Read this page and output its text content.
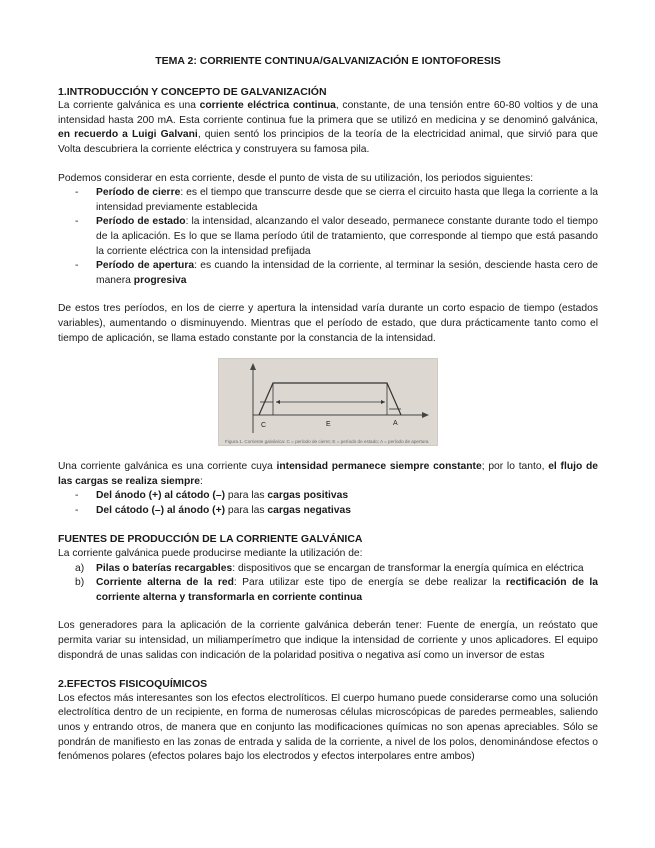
TEMA 2: CORRIENTE CONTINUA/GALVANIZACIÓN E IONTOFORESIS
1.INTRODUCCIÓN Y CONCEPTO DE GALVANIZACIÓN

La corriente galvánica es una corriente eléctrica continua, constante, de una tensión entre 60-80 voltios y de una intensidad hasta 200 mA. Esta corriente continua fue la primera que se utilizó en medicina y se denominó galvánica, en recuerdo a Luigi Galvani, quien sentó los principios de la teoría de la electricidad animal, que sirvió para que Volta descubriera la corriente eléctrica y construyera su famosa pila.

Podemos considerar en esta corriente, desde el punto de vista de su utilización, los periodos siguientes:

- Período de cierre: es el tiempo que transcurre desde que se cierra el circuito hasta que llega la corriente a la intensidad previamente establecida
- Período de estado: la intensidad, alcanzando el valor deseado, permanece constante durante todo el tiempo de la aplicación. Es lo que se llama período útil de tratamiento, que corresponde al tiempo que está pasando la corriente eléctrica con la intensidad prefijada
- Período de apertura: es cuando la intensidad de la corriente, al terminar la sesión, desciende hasta cero de manera progresiva

De estos tres períodos, en los de cierre y apertura la intensidad varía durante un corto espacio de tiempo (estados variables), aumentando o disminuyendo. Mientras que el período de estado, que dura prácticamente tanto como el tiempo de aplicación, se llama estado constante por la constancia de la intensidad.

C	E	A
Figura 1. Corriente galvánica: C = período de cierre; E = período de estado; A = período de apertura

Una corriente galvánica es una corriente cuya intensidad permanece siempre constante; por lo tanto, el flujo de las cargas se realiza siempre:

- Del ánodo (+) al cátodo (–) para las cargas positivas
- Del cátodo (–) al ánodo (+) para las cargas negativas
FUENTES DE PRODUCCIÓN DE LA CORRIENTE GALVÁNICA

La corriente galvánica puede producirse mediante la utilización de:

a) Pilas o baterías recargables: dispositivos que se encargan de transformar la energía química en eléctrica
b) Corriente alterna de la red: Para utilizar este tipo de energía se debe realizar la rectificación de la corriente alterna y transformarla en corriente continua

Los generadores para la aplicación de la corriente galvánica deberán tener: Fuente de energía, un reóstato que permita variar su intensidad, un miliamperímetro que indique la intensidad de corriente y unos aplicadores. El equipo dispondrá de unas salidas con indicación de la polaridad positiva o negativa así como un inversor de estas

2.EFECTOS FISICOQUÍMICOS

Los efectos más interesantes son los efectos electrolíticos. El cuerpo humano puede considerarse como una solución electrolítica dentro de un recipiente, en forma de numerosas células microscópicas de paredes permeables, saliendo unos y entrando otros, de manera que en conjunto las modificaciones químicas no son apenas apreciables. Sólo se pondrán de manifiesto en las zonas de entrada y salida de la corriente, a nivel de los polos, denominándose efectos o fenómenos polares (efectos polares bajo los electrodos y efectos interpolares entre ambos)
